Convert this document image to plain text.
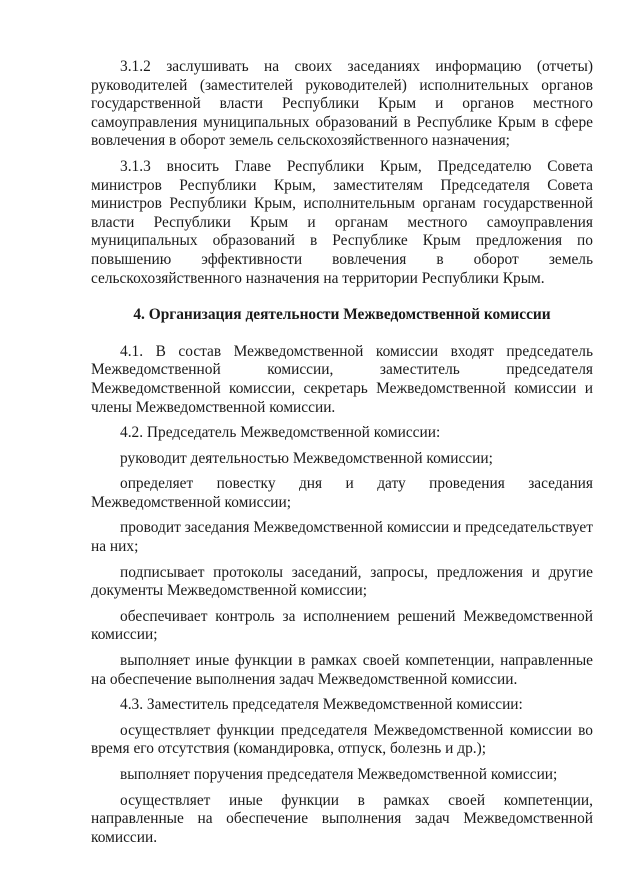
3.1.2 заслушивать на своих заседаниях информацию (отчеты) руководителей (заместителей руководителей) исполнительных органов государственной власти Республики Крым и органов местного самоуправления муниципальных образований в Республике Крым в сфере вовлечения в оборот земель сельскохозяйственного назначения;

3.1.3 вносить Главе Республики Крым, Председателю Совета министров Республики Крым, заместителям Председателя Совета министров Республики Крым, исполнительным органам государственной власти Республики Крым и органам местного самоуправления муниципальных образований в Республике Крым предложения по повышению эффективности вовлечения в оборот земель сельскохозяйственного назначения на территории Республики Крым.

4. Организация деятельности Межведомственной комиссии

4.1. В состав Межведомственной комиссии входят председатель Межведомственной комиссии, заместитель председателя Межведомственной комиссии, секретарь Межведомственной комиссии и члены Межведомственной комиссии.

4.2. Председатель Межведомственной комиссии:

руководит деятельностью Межведомственной комиссии;

определяет повестку дня и дату проведения заседания Межведомственной комиссии;

проводит заседания Межведомственной комиссии и председательствует на них;

подписывает протоколы заседаний, запросы, предложения и другие документы Межведомственной комиссии;

обеспечивает контроль за исполнением решений Межведомственной комиссии;

выполняет иные функции в рамках своей компетенции, направленные на обеспечение выполнения задач Межведомственной комиссии.

4.3. Заместитель председателя Межведомственной комиссии:

осуществляет функции председателя Межведомственной комиссии во время его отсутствия (командировка, отпуск, болезнь и др.);

выполняет поручения председателя Межведомственной комиссии;

осуществляет иные функции в рамках своей компетенции, направленные на обеспечение выполнения задач Межведомственной комиссии.
